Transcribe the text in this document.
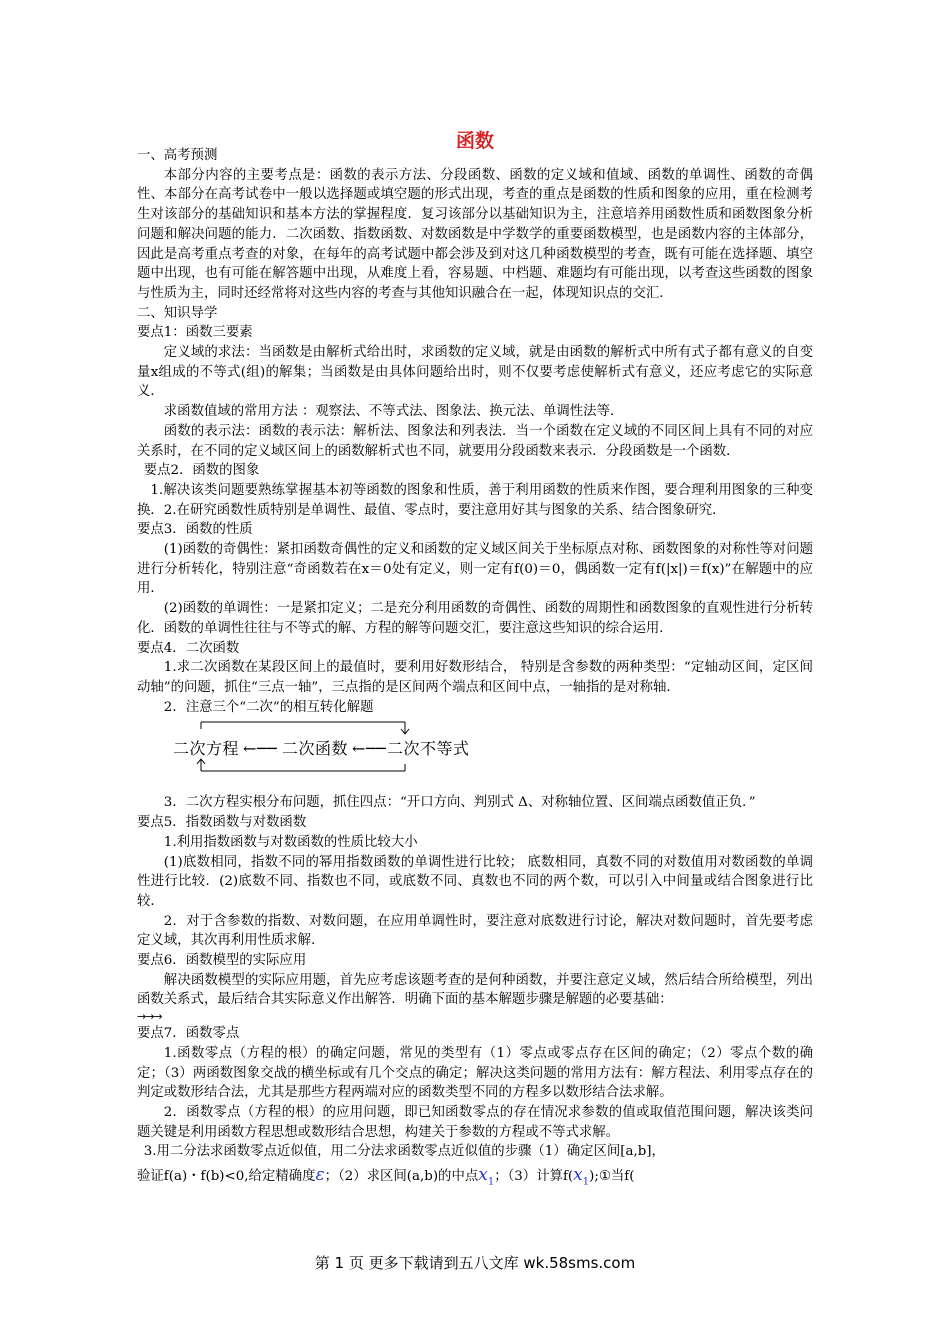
函数

一、高考预测

本部分内容的主要考点是：函数的表示方法、分段函数、函数的定义域和值域、函数的单调性、函数的奇偶性、本部分在高考试卷中一般以选择题或填空题的形式出现，考查的重点是函数的性质和图象的应用，重在检测考生对该部分的基础知识和基本方法的掌握程度．复习该部分以基础知识为主，注意培养用函数性质和函数图象分析问题和解决问题的能力．二次函数、指数函数、对数函数是中学数学的重要函数模型，也是函数内容的主体部分，因此是高考重点考查的对象，在每年的高考试题中都会涉及到对这几种函数模型的考查，既有可能在选择题、填空题中出现，也有可能在解答题中出现，从难度上看，容易题、中档题、难题均有可能出现，以考查这些函数的图象与性质为主，同时还经常将对这些内容的考查与其他知识融合在一起，体现知识点的交汇．

二、知识导学

要点1：函数三要素

定义域的求法：当函数是由解析式给出时，求函数的定义域，就是由函数的解析式中所有式子都有意义的自变量x组成的不等式(组)的解集；当函数是由具体问题给出时，则不仅要考虑使解析式有意义，还应考虑它的实际意义．

求函数值域的常用方法 ：观察法、不等式法、图象法、换元法、单调性法等．

函数的表示法：函数的表示法：解析法、图象法和列表法．当一个函数在定义域的不同区间上具有不同的对应关系时，在不同的定义域区间上的函数解析式也不同，就要用分段函数来表示．分段函数是一个函数．

要点2．函数的图象

1.解决该类问题要熟练掌握基本初等函数的图象和性质，善于利用函数的性质来作图，要合理利用图象的三种变换．2.在研究函数性质特别是单调性、最值、零点时，要注意用好其与图象的关系、结合图象研究．

要点3．函数的性质

(1)函数的奇偶性：紧扣函数奇偶性的定义和函数的定义域区间关于坐标原点对称、函数图象的对称性等对问题进行分析转化，特别注意“奇函数若在x＝0处有定义，则一定有f(0)＝0，偶函数一定有f(|x|)＝f(x)”在解题中的应用．

(2)函数的单调性：一是紧扣定义；二是充分利用函数的奇偶性、函数的周期性和函数图象的直观性进行分析转化．函数的单调性往往与不等式的解、方程的解等问题交汇，要注意这些知识的综合运用．

要点4．二次函数

1.求二次函数在某段区间上的最值时，要利用好数形结合， 特别是含参数的两种类型：“定轴动区间，定区间动轴”的问题，抓住“三点一轴”，三点指的是区间两个端点和区间中点，一轴指的是对称轴．

2．注意三个“二次”的相互转化解题

二次方程 ←── 二次函数 ←── 二次不等式

3．二次方程实根分布问题，抓住四点：“开口方向、判别式 Δ、对称轴位置、区间端点函数值正负．”

要点5．指数函数与对数函数

1.利用指数函数与对数函数的性质比较大小

(1)底数相同，指数不同的幂用指数函数的单调性进行比较； 底数相同，真数不同的对数值用对数函数的单调性进行比较．(2)底数不同、指数也不同，或底数不同、真数也不同的两个数，可以引入中间量或结合图象进行比较．

2．对于含参数的指数、对数问题，在应用单调性时，要注意对底数进行讨论，解决对数问题时，首先要考虑定义域，其次再利用性质求解．

要点6．函数模型的实际应用

解决函数模型的实际应用题，首先应考虑该题考查的是何种函数，并要注意定义域，然后结合所给模型，列出函数关系式，最后结合其实际意义作出解答．明确下面的基本解题步骤是解题的必要基础：

→→→

要点7．函数零点

1.函数零点（方程的根）的确定问题，常见的类型有（1）零点或零点存在区间的确定；（2）零点个数的确定；（3）两函数图象交战的横坐标或有几个交点的确定；解决这类问题的常用方法有：解方程法、利用零点存在的判定或数形结合法，尤其是那些方程两端对应的函数类型不同的方程多以数形结合法求解。

2．函数零点（方程的根）的应用问题，即已知函数零点的存在情况求参数的值或取值范围问题，解决该类问题关键是利用函数方程思想或数形结合思想，构建关于参数的方程或不等式求解。

3.用二分法求函数零点近似值，用二分法求函数零点近似值的步骤（1）确定区间[a,b]，

验证f(a)・f(b)<0,给定精确度ε；（2）求区间(a,b)的中点$x_1$；（3）计算$f(x_1);①$当f(

第 1 页 更多下载请到五八文库 wk.58sms.com
